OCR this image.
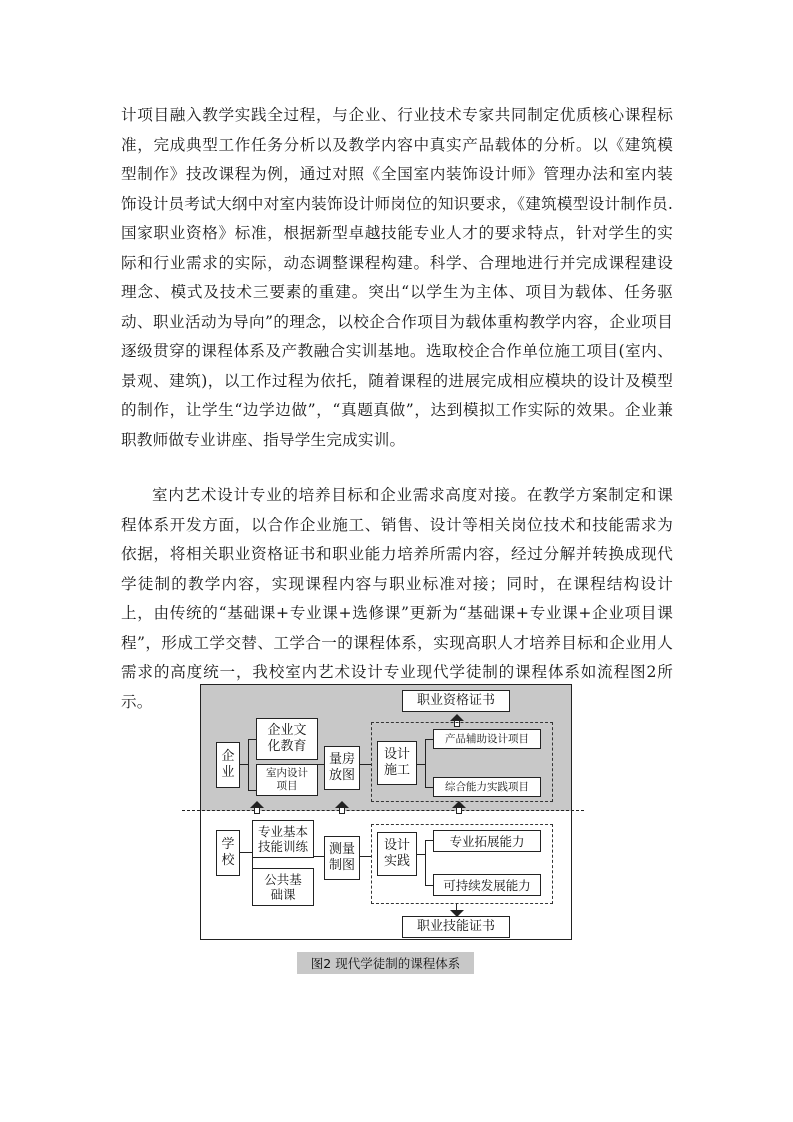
计项目融入教学实践全过程，与企业、行业技术专家共同制定优质核心课程标准，完成典型工作任务分析以及教学内容中真实产品载体的分析。以《建筑模型制作》技改课程为例，通过对照《全国室内装饰设计师》管理办法和室内装饰设计员考试大纲中对室内装饰设计师岗位的知识要求，《建筑模型设计制作员.国家职业资格》标准，根据新型卓越技能专业人才的要求特点，针对学生的实际和行业需求的实际，动态调整课程构建。科学、合理地进行并完成课程建设理念、模式及技术三要素的重建。突出“以学生为主体、项目为载体、任务驱动、职业活动为导向”的理念，以校企合作项目为载体重构教学内容，企业项目逐级贯穿的课程体系及产教融合实训基地。选取校企合作单位施工项目(室内、景观、建筑)，以工作过程为依托，随着课程的进展完成相应模块的设计及模型的制作，让学生“边学边做”，“真题真做”，达到模拟工作实际的效果。企业兼职教师做专业讲座、指导学生完成实训。

室内艺术设计专业的培养目标和企业需求高度对接。在教学方案制定和课程体系开发方面，以合作企业施工、销售、设计等相关岗位技术和技能需求为依据，将相关职业资格证书和职业能力培养所需内容，经过分解并转换成现代学徒制的教学内容，实现课程内容与职业标准对接；同时，在课程结构设计上，由传统的“基础课+专业课+选修课”更新为“基础课+专业课+企业项目课程”，形成工学交替、工学合一的课程体系，实现高职人才培养目标和企业用人需求的高度统一，我校室内艺术设计专业现代学徒制的课程体系如流程图2所示。	职业资格证书
企业
企业文化教育
室内设计项目
量房放图
设计施工
产品辅助设计项目
综合能力实践项目
学校
专业基本技能训练
公共基础课
测量制图
设计实践
专业拓展能力
可持续发展能力
职业技能证书
图2 现代学徒制的课程体系
